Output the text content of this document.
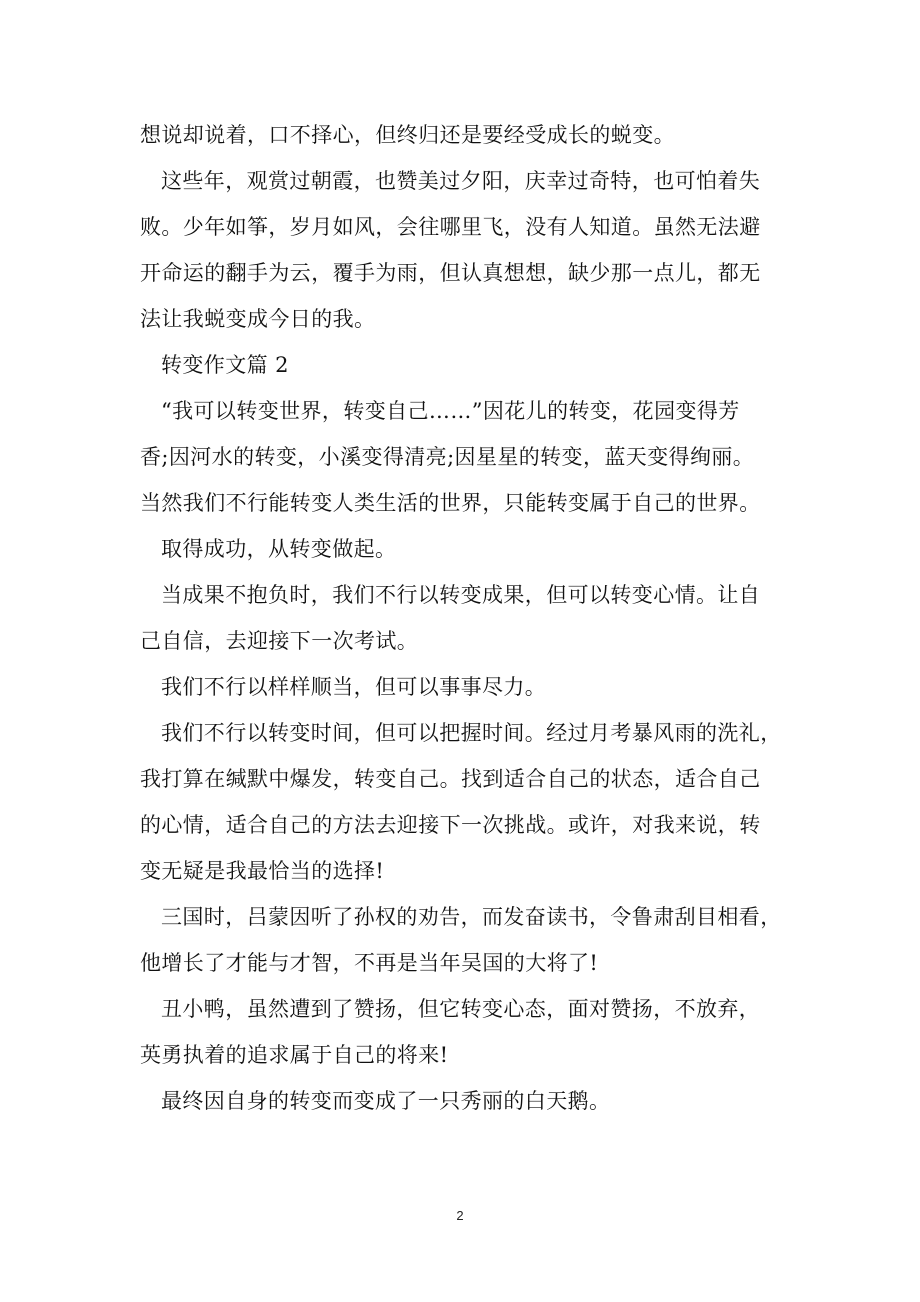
想说却说着，口不择心，但终归还是要经受成长的蜕变。

这些年，观赏过朝霞，也赞美过夕阳，庆幸过奇特，也可怕着失

败。少年如筝，岁月如风，会往哪里飞，没有人知道。虽然无法避

开命运的翻手为云，覆手为雨，但认真想想，缺少那一点儿，都无

法让我蜕变成今日的我。

转变作文篇 2

“我可以转变世界，转变自己……”因花儿的转变，花园变得芳

香;因河水的转变，小溪变得清亮;因星星的转变，蓝天变得绚丽。

当然我们不行能转变人类生活的世界，只能转变属于自己的世界。

取得成功，从转变做起。

当成果不抱负时，我们不行以转变成果，但可以转变心情。让自

己自信，去迎接下一次考试。

我们不行以样样顺当，但可以事事尽力。

我们不行以转变时间，但可以把握时间。经过月考暴风雨的洗礼，

我打算在缄默中爆发，转变自己。找到适合自己的状态，适合自己

的心情，适合自己的方法去迎接下一次挑战。或许，对我来说，转

变无疑是我最恰当的选择!

三国时，吕蒙因听了孙权的劝告，而发奋读书，令鲁肃刮目相看，

他增长了才能与才智，不再是当年吴国的大将了!

丑小鸭，虽然遭到了赞扬，但它转变心态，面对赞扬，不放弃，

英勇执着的追求属于自己的将来!

最终因自身的转变而变成了一只秀丽的白天鹅。

2
